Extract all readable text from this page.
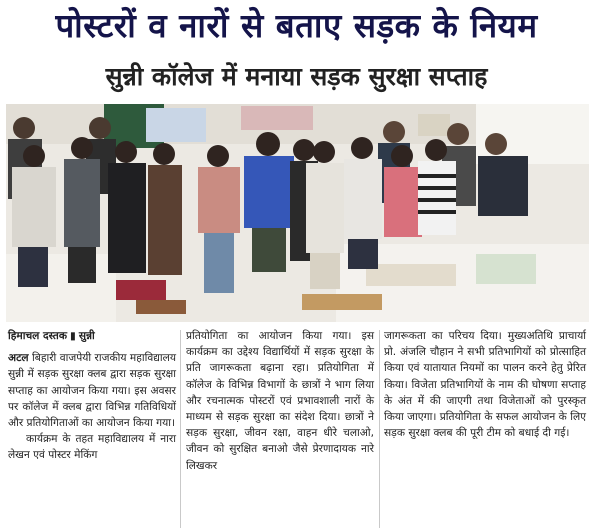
पोस्टरों व नारों से बताए सड़क के नियम
सुन्नी कॉलेज में मनाया सड़क सुरक्षा सप्ताह

हिमाचल दस्तक ▮ सुन्नी

अटल बिहारी वाजपेयी राजकीय महाविद्यालय सुन्नी में सड़क सुरक्षा क्लब द्वारा सड़क सुरक्षा सप्ताह का आयोजन किया गया। इस अवसर पर कॉलेज में क्लब द्वारा विभिन्न गतिविधियों और प्रतियोगिताओं का आयोजन किया गया।

कार्यक्रम के तहत महाविद्यालय में नारा लेखन एवं पोस्टर मेकिंग

प्रतियोगिता का आयोजन किया गया। इस कार्यक्रम का उद्देश्य विद्यार्थियों में सड़क सुरक्षा के प्रति जागरूकता बढ़ाना रहा। प्रतियोगिता में कॉलेज के विभिन्न विभागों के छात्रों ने भाग लिया और रचनात्मक पोस्टरों एवं प्रभावशाली नारों के माध्यम से सड़क सुरक्षा का संदेश दिया। छात्रों ने सड़क सुरक्षा, जीवन रक्षा, वाहन धीरे चलाओ, जीवन को सुरक्षित बनाओ जैसे प्रेरणादायक नारे लिखकर

जागरूकता का परिचय दिया। मुख्यअतिथि प्राचार्या प्रो. अंजलि चौहान ने सभी प्रतिभागियों को प्रोत्साहित किया एवं यातायात नियमों का पालन करने हेतु प्रेरित किया। विजेता प्रतिभागियों के नाम की घोषणा सप्ताह के अंत में की जाएगी तथा विजेताओं को पुरस्कृत किया जाएगा। प्रतियोगिता के सफल आयोजन के लिए सड़क सुरक्षा क्लब की पूरी टीम को बधाई दी गई।
